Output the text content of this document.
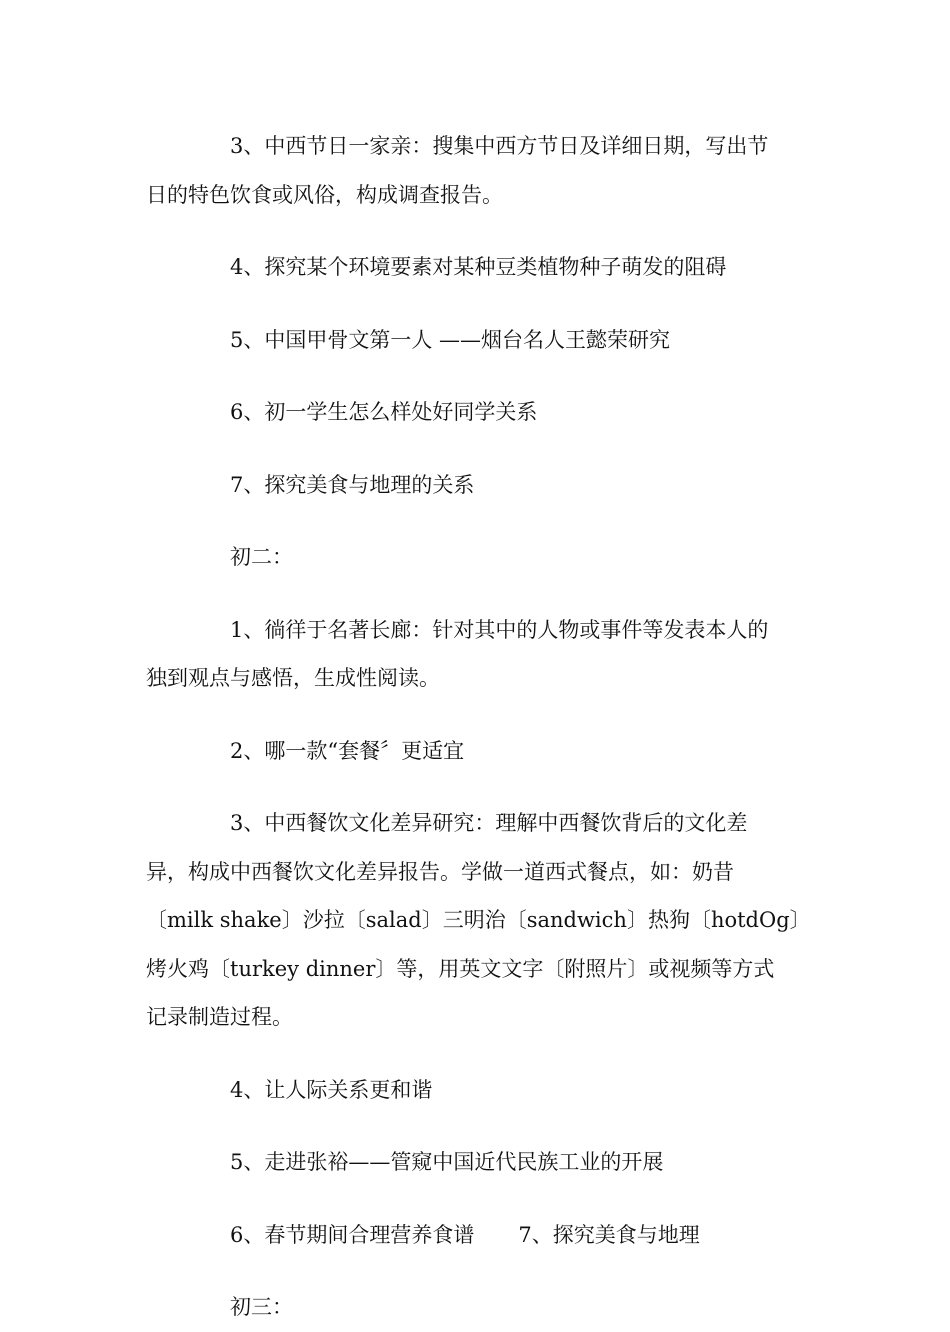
3、中西节日一家亲：搜集中西方节日及详细日期，写出节
日的特色饮食或风俗，构成调查报告。
4、探究某个环境要素对某种豆类植物种子萌发的阻碍
5、中国甲骨文第一人 ——烟台名人王懿荣研究
6、初一学生怎么样处好同学关系
7、探究美食与地理的关系
初二：
1、徜徉于名著长廊：针对其中的人物或事件等发表本人的
独到观点与感悟，生成性阅读。
2、哪一款“套餐〞更适宜
3、中西餐饮文化差异研究：理解中西餐饮背后的文化差
异，构成中西餐饮文化差异报告。学做一道西式餐点，如：奶昔
〔milk shake〕沙拉〔salad〕三明治〔sandwich〕热狗〔hotdOg〕
烤火鸡〔turkey dinner〕等，用英文文字〔附照片〕或视频等方式
记录制造过程。
4、让人际关系更和谐
5、走进张裕——管窥中国近代民族工业的开展
6、春节期间合理营养食谱 7、探究美食与地理
初三：
